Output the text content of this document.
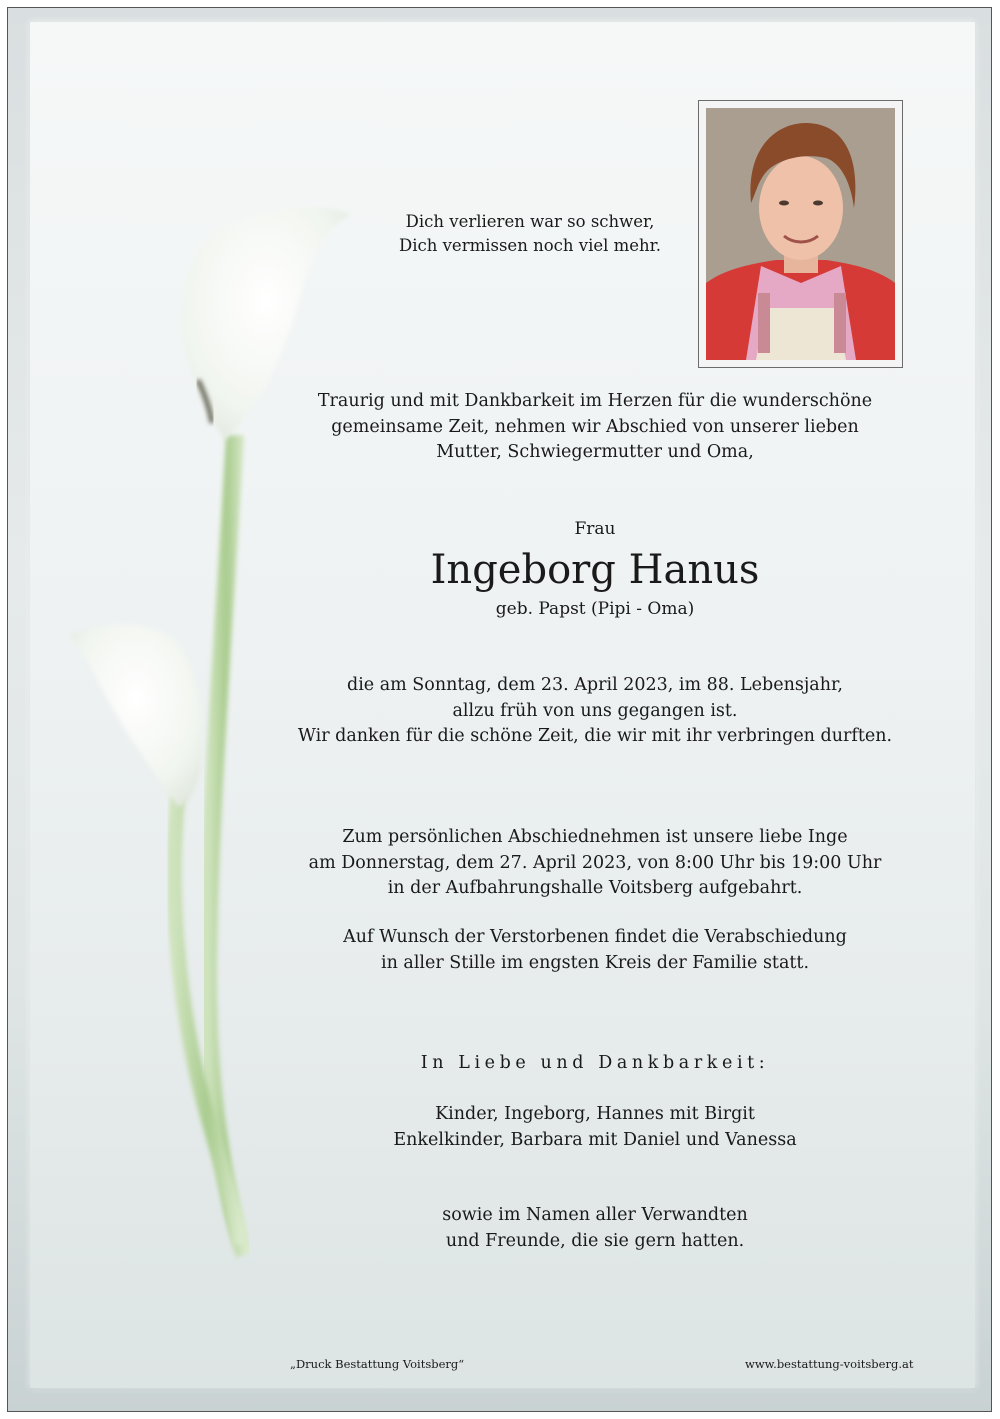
Dich verlieren war so schwer,
Dich vermissen noch viel mehr.
Traurig und mit Dankbarkeit im Herzen für die wunderschöne
gemeinsame Zeit, nehmen wir Abschied von unserer lieben
Mutter, Schwiegermutter und Oma,
Frau
Ingeborg Hanus
geb. Papst (Pipi - Oma)
die am Sonntag, dem 23. April 2023, im 88. Lebensjahr,
allzu früh von uns gegangen ist.
Wir danken für die schöne Zeit, die wir mit ihr verbringen durften.
Zum persönlichen Abschiednehmen ist unsere liebe Inge
am Donnerstag, dem 27. April 2023, von 8:00 Uhr bis 19:00 Uhr
in der Aufbahrungshalle Voitsberg aufgebahrt.
Auf Wunsch der Verstorbenen findet die Verabschiedung
in aller Stille im engsten Kreis der Familie statt.
In Liebe und Dankbarkeit:
Kinder, Ingeborg, Hannes mit Birgit
Enkelkinder, Barbara mit Daniel und Vanessa
sowie im Namen aller Verwandten
und Freunde, die sie gern hatten.
„Druck Bestattung Voitsberg“	www.bestattung-voitsberg.at
